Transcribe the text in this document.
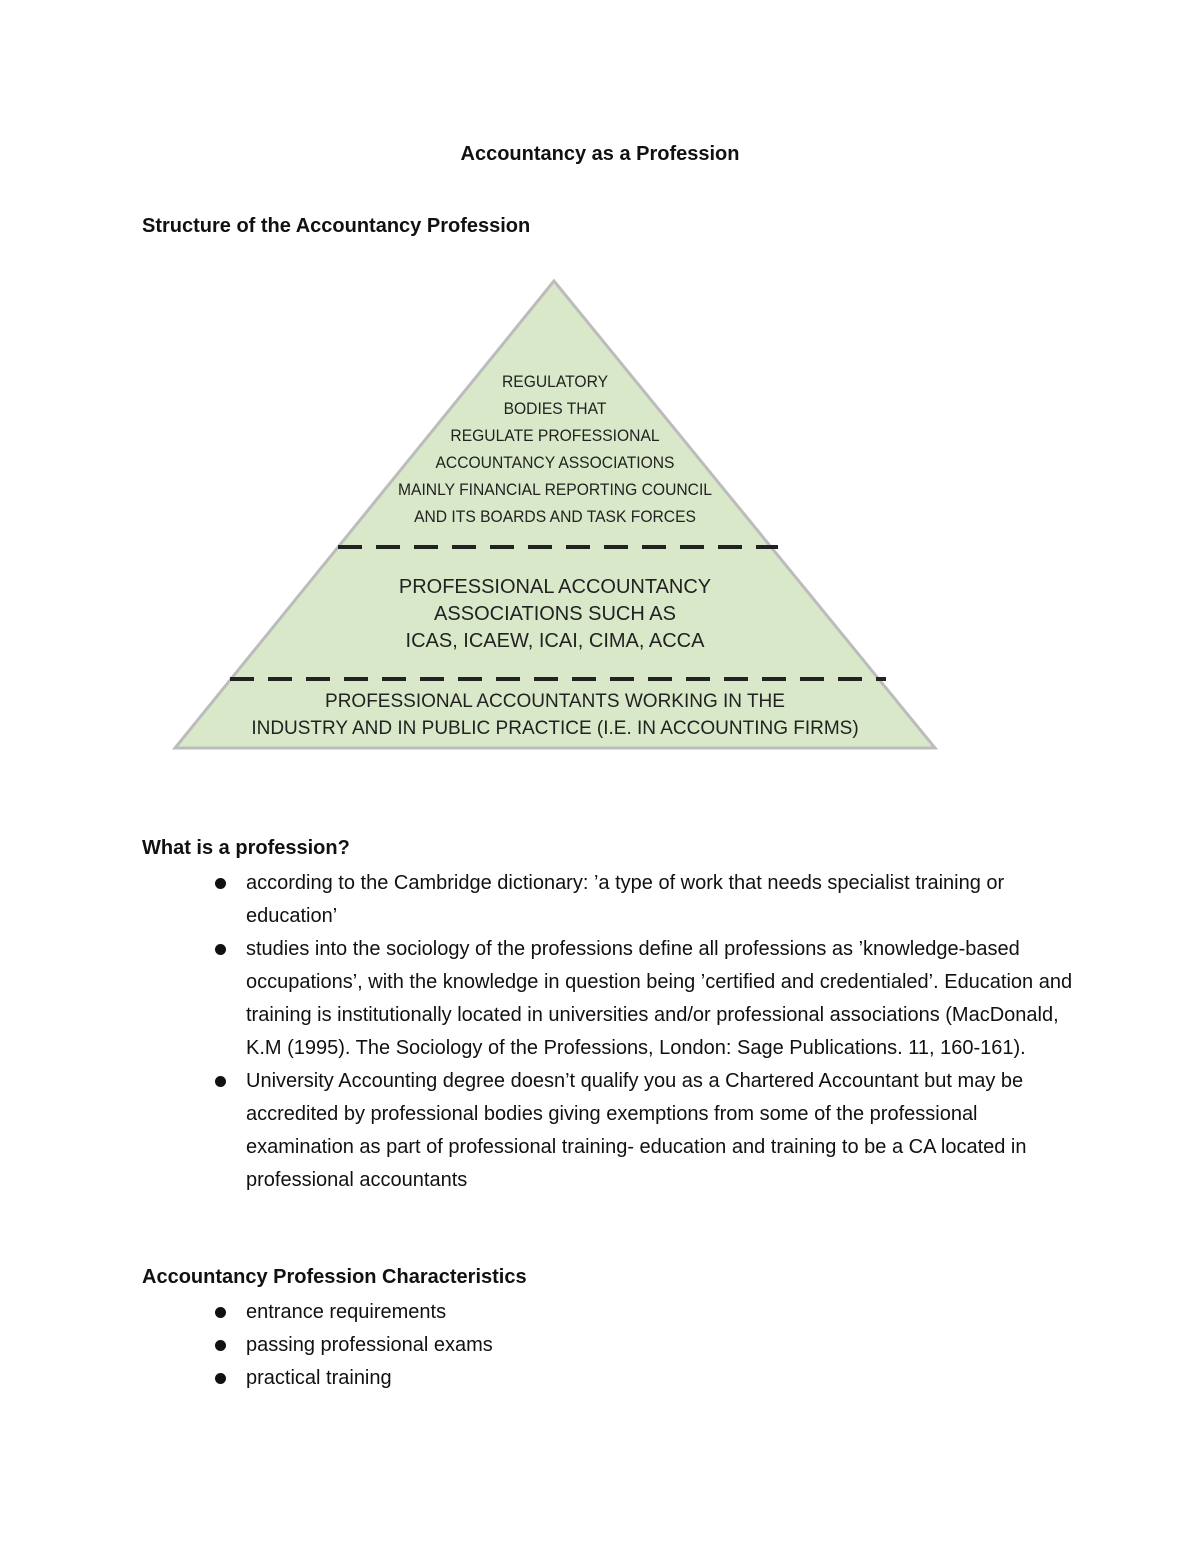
Accountancy as a Profession
Structure of the Accountancy Profession
REGULATORY
BODIES THAT
REGULATE PROFESSIONAL
ACCOUNTANCY ASSOCIATIONS
MAINLY FINANCIAL REPORTING COUNCIL
AND ITS BOARDS AND TASK FORCES
PROFESSIONAL ACCOUNTANCY
ASSOCIATIONS SUCH AS
ICAS, ICAEW, ICAI, CIMA, ACCA
PROFESSIONAL ACCOUNTANTS WORKING IN THE
INDUSTRY AND IN PUBLIC PRACTICE (I.E. IN ACCOUNTING FIRMS)
What is a profession?
according to the Cambridge dictionary: ’a type of work that needs specialist training or education’
studies into the sociology of the professions define all professions as ’knowledge-based occupations’, with the knowledge in question being ’certified and credentialed’. Education and training is institutionally located in universities and/or professional associations (MacDonald, K.M (1995). The Sociology of the Professions, London: Sage Publications. 11, 160-161).
University Accounting degree doesn’t qualify you as a Chartered Accountant but may be accredited by professional bodies giving exemptions from some of the professional examination as part of professional training- education and training to be a CA located in professional accountants
Accountancy Profession Characteristics
entrance requirements
passing professional exams
practical training
